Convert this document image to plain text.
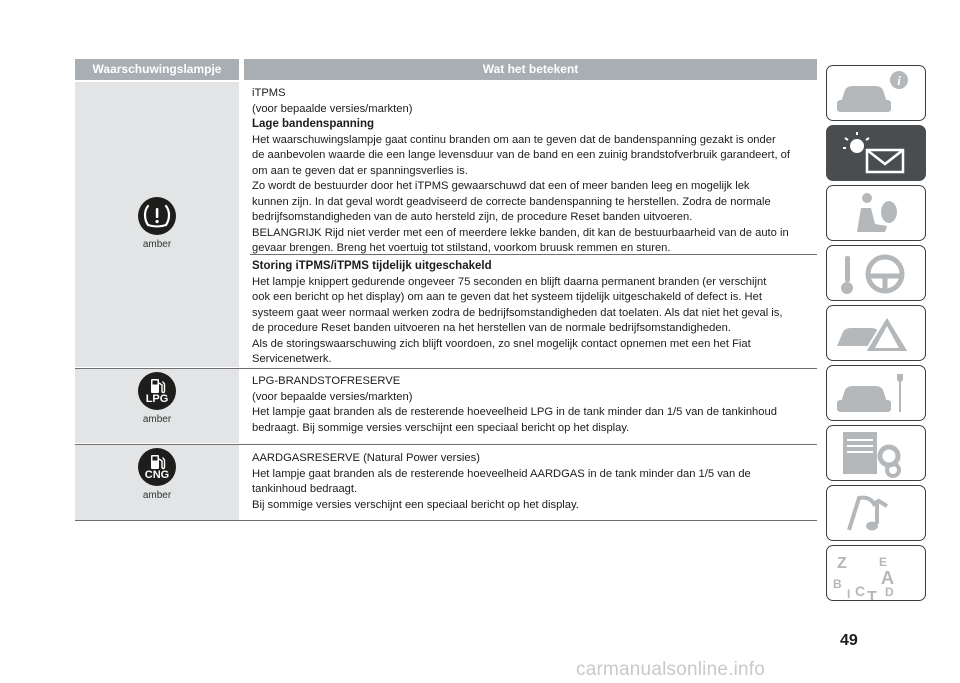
Waarschuwingslampje	Wat het betekent
amber
LPG
amber
CNG
amber

iTPMS

(voor bepaalde versies/markten)

Lage bandenspanning

Het waarschuwingslampje gaat continu branden om aan te geven dat de bandenspanning gezakt is onder

de aanbevolen waarde die een lange levensduur van de band en een zuinig brandstofverbruik garandeert, of

om aan te geven dat er spanningsverlies is.

Zo wordt de bestuurder door het iTPMS gewaarschuwd dat een of meer banden leeg en mogelijk lek

kunnen zijn. In dat geval wordt geadviseerd de correcte bandenspanning te herstellen. Zodra de normale

bedrijfsomstandigheden van de auto hersteld zijn, de procedure Reset banden uitvoeren.

BELANGRIJK Rijd niet verder met een of meerdere lekke banden, dit kan de bestuurbaarheid van de auto in

gevaar brengen. Breng het voertuig tot stilstand, voorkom bruusk remmen en sturen.

Storing iTPMS/iTPMS tijdelijk uitgeschakeld

Het lampje knippert gedurende ongeveer 75 seconden en blijft daarna permanent branden (er verschijnt

ook een bericht op het display) om aan te geven dat het systeem tijdelijk uitgeschakeld of defect is. Het

systeem gaat weer normaal werken zodra de bedrijfsomstandigheden dat toelaten. Als dat niet het geval is,

de procedure Reset banden uitvoeren na het herstellen van de normale bedrijfsomstandigheden.

Als de storingswaarschuwing zich blijft voordoen, zo snel mogelijk contact opnemen met een het Fiat

Servicenetwerk.

LPG-BRANDSTOFRESERVE

(voor bepaalde versies/markten)

Het lampje gaat branden als de resterende hoeveelheid LPG in de tank minder dan 1/5 van de tankinhoud

bedraagt. Bij sommige versies verschijnt een speciaal bericht op het display.

AARDGASRESERVE (Natural Power versies)

Het lampje gaat branden als de resterende hoeveelheid AARDGAS in de tank minder dan 1/5 van de

tankinhoud bedraagt.

Bij sommige versies verschijnt een speciaal bericht op het display.

i
Z	E
A
B
I C T D
49
carmanualsonline.info
